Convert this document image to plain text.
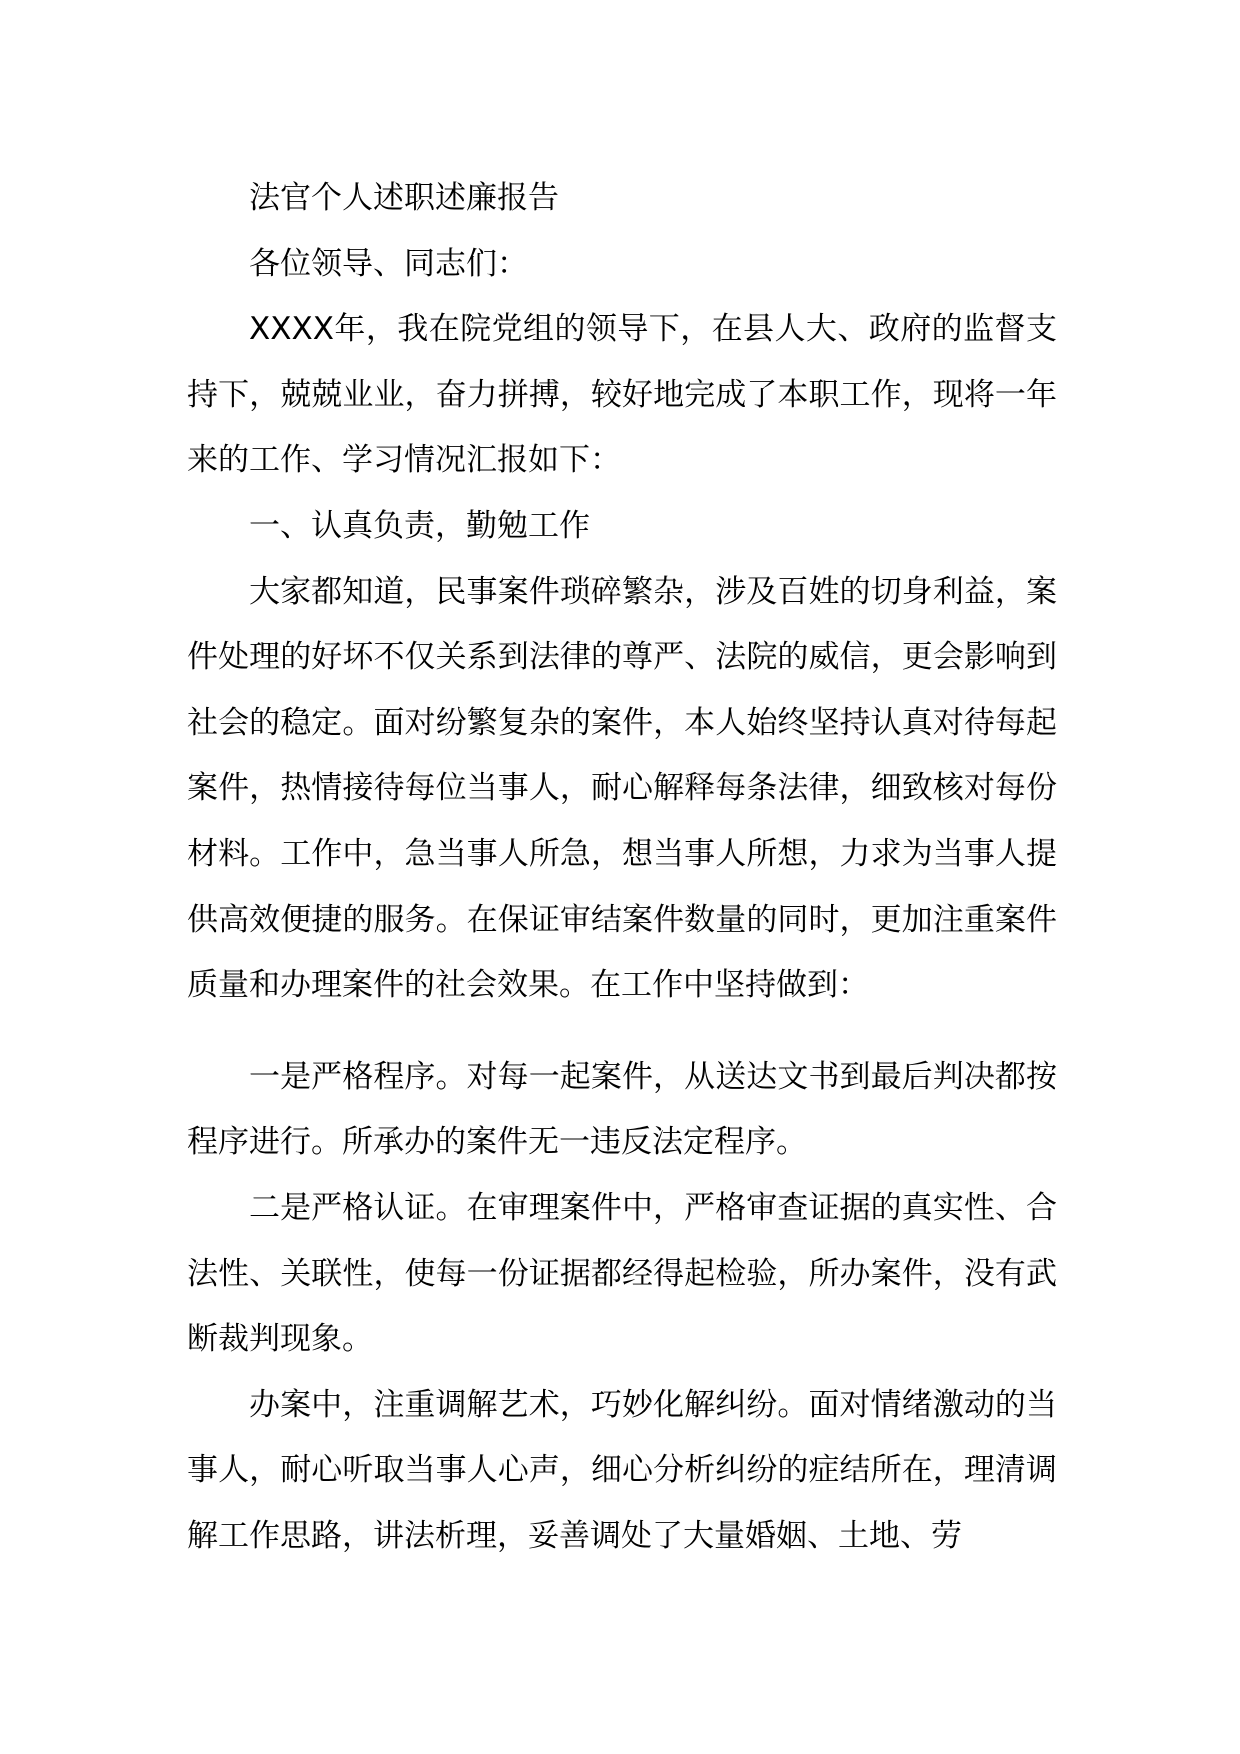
法官个人述职述廉报告

各位领导、同志们：

XXXX年，我在院党组的领导下，在县人大、政府的监督支持下，兢兢业业，奋力拼搏，较好地完成了本职工作，现将一年来的工作、学习情况汇报如下：

一、认真负责，勤勉工作

大家都知道，民事案件琐碎繁杂，涉及百姓的切身利益，案件处理的好坏不仅关系到法律的尊严、法院的威信，更会影响到社会的稳定。面对纷繁复杂的案件，本人始终坚持认真对待每起案件，热情接待每位当事人，耐心解释每条法律，细致核对每份材料。工作中，急当事人所急，想当事人所想，力求为当事人提供高效便捷的服务。在保证审结案件数量的同时，更加注重案件质量和办理案件的社会效果。在工作中坚持做到：

一是严格程序。对每一起案件，从送达文书到最后判决都按程序进行。所承办的案件无一违反法定程序。

二是严格认证。在审理案件中，严格审查证据的真实性、合法性、关联性，使每一份证据都经得起检验，所办案件，没有武断裁判现象。

办案中，注重调解艺术，巧妙化解纠纷。面对情绪激动的当事人，耐心听取当事人心声，细心分析纠纷的症结所在，理清调解工作思路，讲法析理，妥善调处了大量婚姻、土地、劳
